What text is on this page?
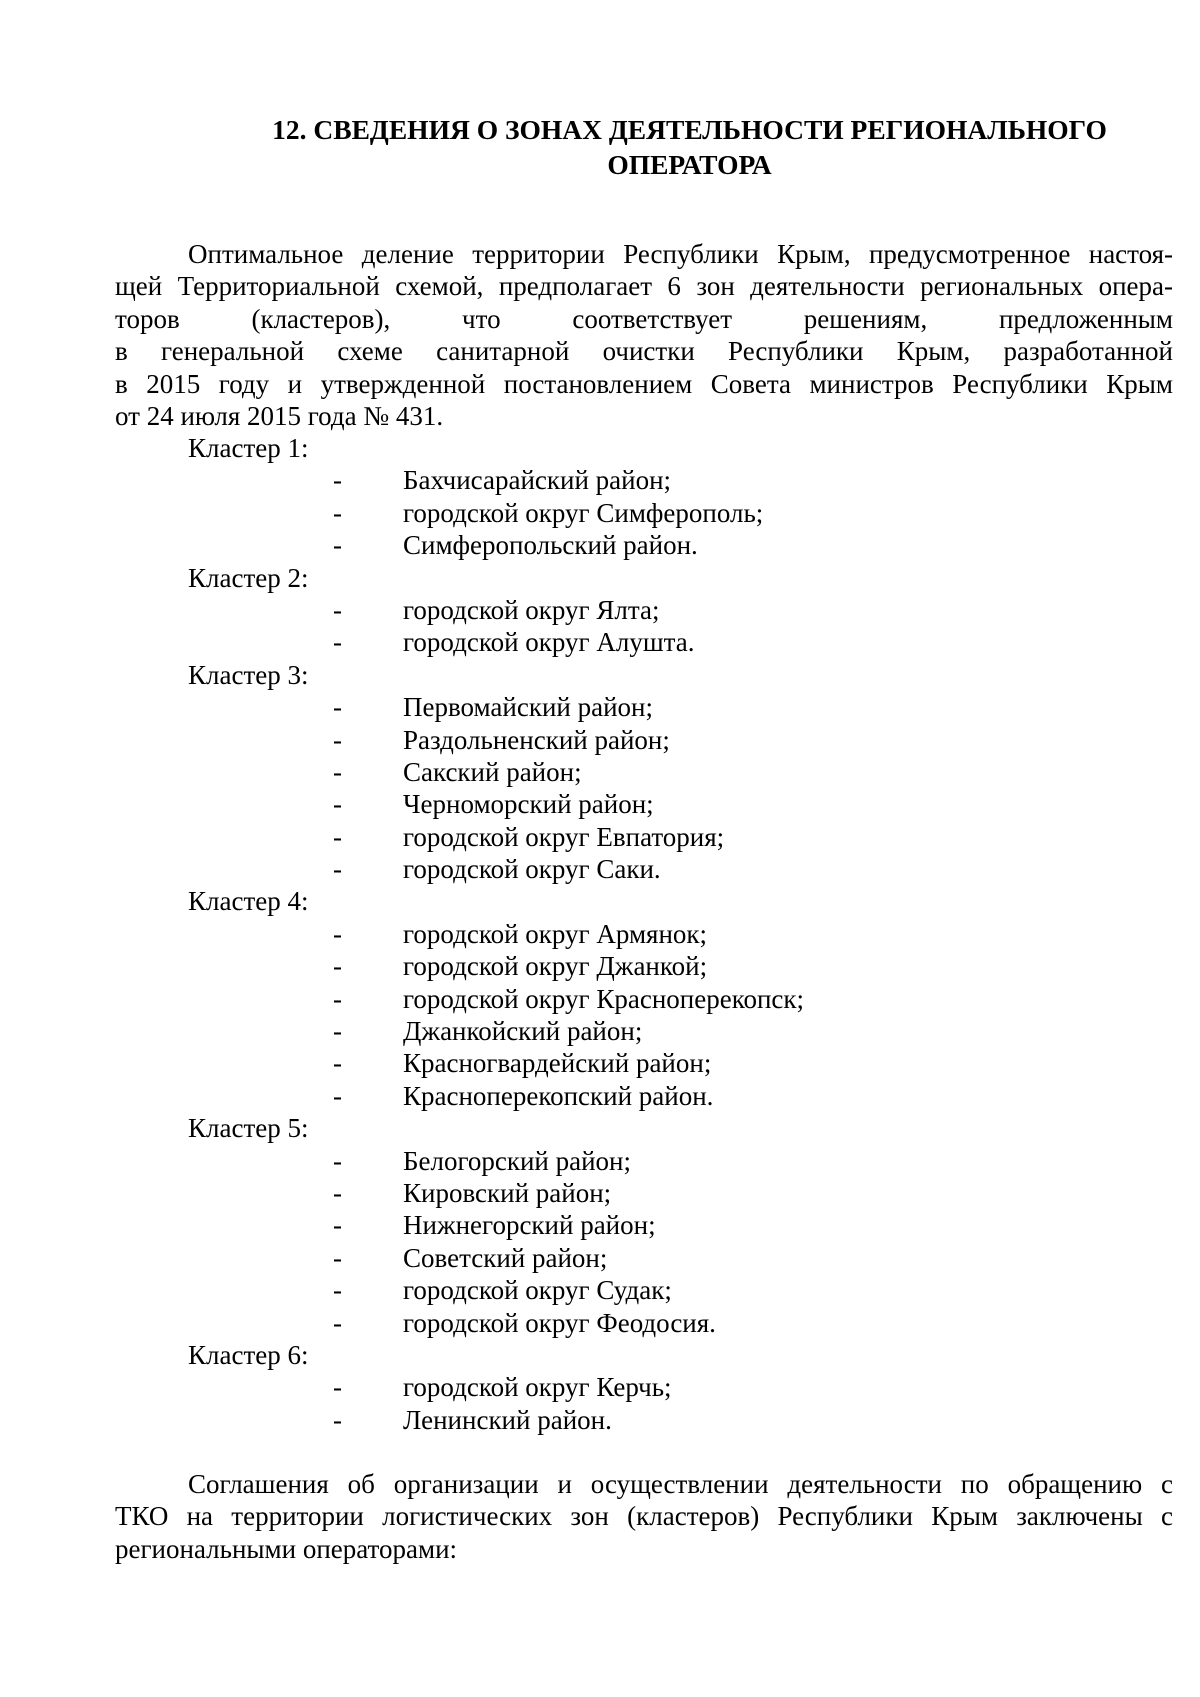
12. СВЕДЕНИЯ О ЗОНАХ ДЕЯТЕЛЬНОСТИ РЕГИОНАЛЬНОГО
ОПЕРАТОРА
Оптимальное деление территории Республики Крым, предусмотренное настоя-
щей Территориальной схемой, предполагает 6 зон деятельности региональных опера-
торов (кластеров), что соответствует решениям, предложенным
в генеральной схеме санитарной очистки Республики Крым, разработанной
в 2015 году и утвержденной постановлением Совета министров Республики Крым
от 24 июля 2015 года № 431.
Кластер 1:
- Бахчисарайский район;
- городской округ Симферополь;
- Симферопольский район.
Кластер 2:
- городской округ Ялта;
- городской округ Алушта.
Кластер 3:
- Первомайский район;
- Раздольненский район;
- Сакский район;
- Черноморский район;
- городской округ Евпатория;
- городской округ Саки.
Кластер 4:
- городской округ Армянок;
- городской округ Джанкой;
- городской округ Красноперекопск;
- Джанкойский район;
- Красногвардейский район;
- Красноперекопский район.
Кластер 5:
- Белогорский район;
- Кировский район;
- Нижнегорский район;
- Советский район;
- городской округ Судак;
- городской округ Феодосия.
Кластер 6:
- городской округ Керчь;
- Ленинский район.
Соглашения об организации и осуществлении деятельности по обращению с
ТКО на территории логистических зон (кластеров) Республики Крым заключены с
региональными операторами:
